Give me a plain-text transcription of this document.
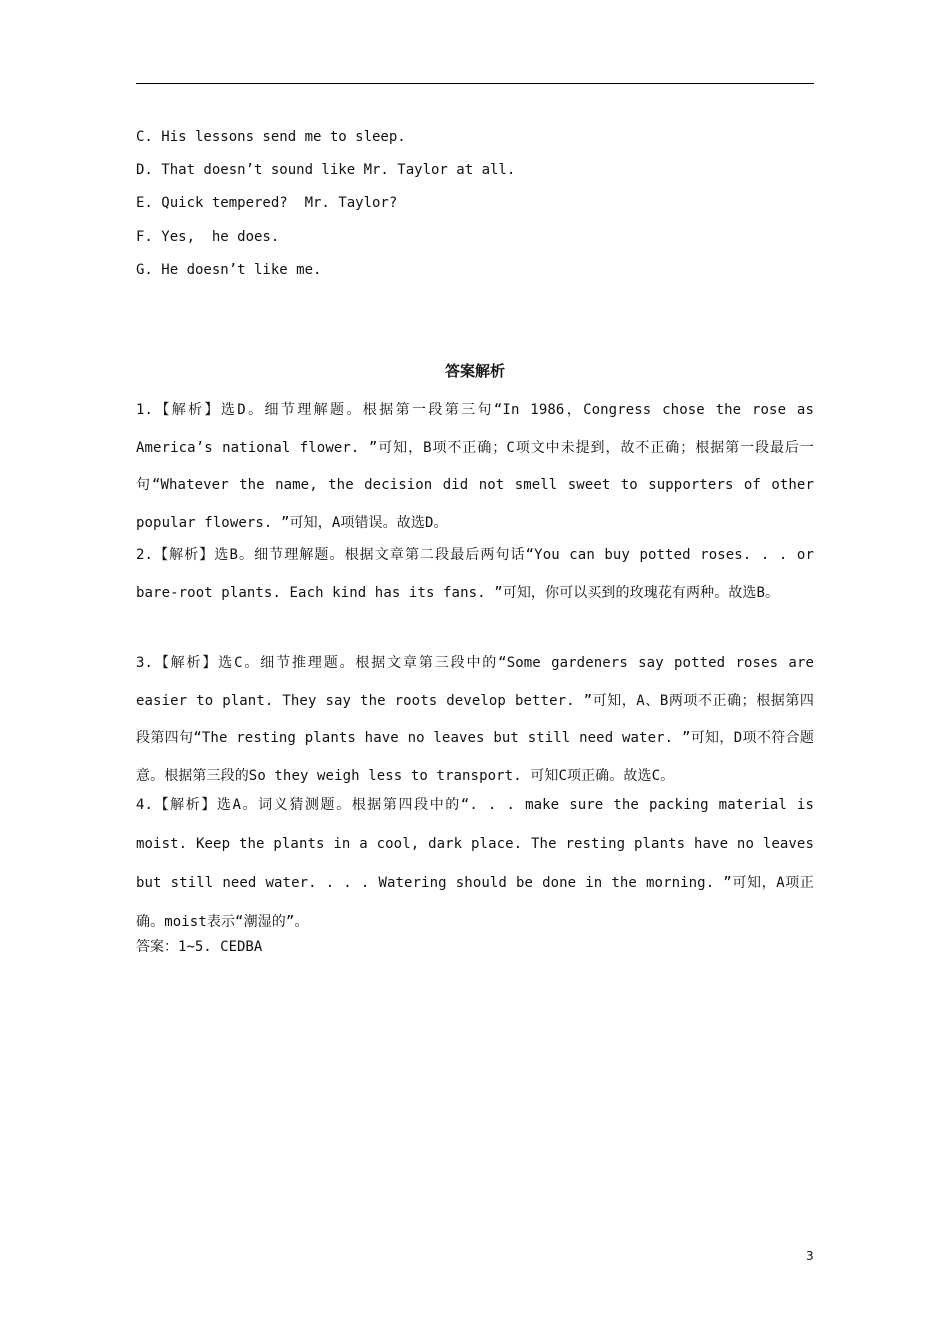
C. His lessons send me to sleep.
D. That doesn’t sound like Mr. Taylor at all.
E. Quick tempered?  Mr. Taylor?
F. Yes,  he does.
G. He doesn’t like me.
答案解析
1.【解析】选D。细节理解题。根据第一段第三句“In 1986，Congress chose the rose as America’s national flower. ”可知，B项不正确；C项文中未提到，故不正确；根据第一段最后一句“Whatever the name, the decision did not smell sweet to supporters of other popular flowers. ”可知，A项错误。故选D。
2.【解析】选B。细节理解题。根据文章第二段最后两句话“You can buy potted roses. . . or bare-root plants. Each kind has its fans. ”可知，你可以买到的玫瑰花有两种。故选B。
3.【解析】选C。细节推理题。根据文章第三段中的“Some gardeners say potted roses are easier to plant. They say the roots develop better. ”可知，A、B两项不正确；根据第四段第四句“The resting plants have no leaves but still need water. ”可知，D项不符合题意。根据第三段的So they weigh less to transport. 可知C项正确。故选C。
4.【解析】选A。词义猜测题。根据第四段中的“. . . make sure the packing material is moist. Keep the plants in a cool, dark place. The resting plants have no leaves but still need water. . . . Watering should be done in the morning. ”可知，A项正确。moist表示“潮湿的”。
答案：1~5. CEDBA
3
